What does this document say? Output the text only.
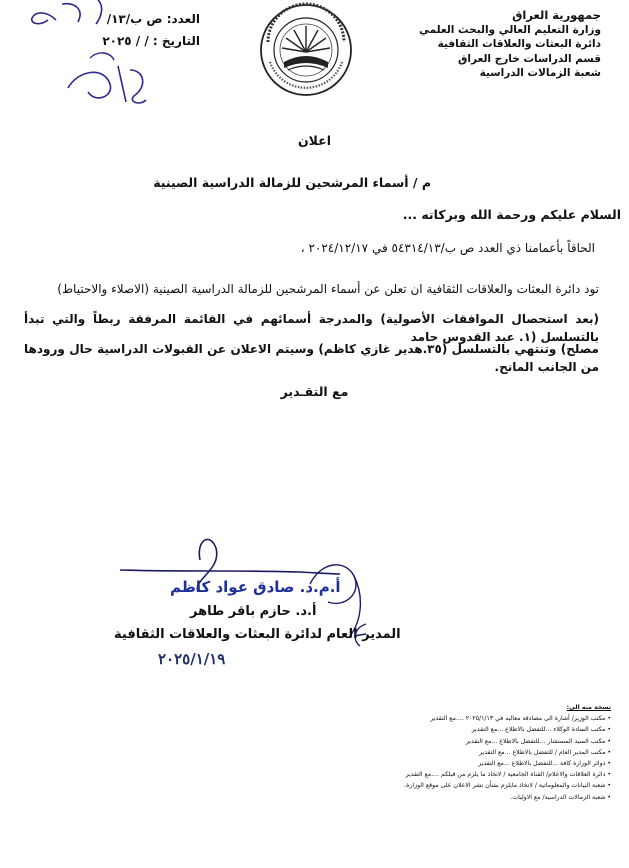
جمهورية العراق
وزارة التعليم العالي والبحث العلمي
دائرة البعثات والعلاقات الثقافية
قسم الدراسات خارج العراق
شعبة الزمالات الدراسية
العدد: ص ب/١٣/
التاريخ : / / ٢٠٢٥
اعلان
م / أسماء المرشحين للزمالة الدراسية الصينية
السلام عليكم ورحمة الله وبركاته ...
الحاقاً بأعمامنا ذي العدد ص ب/٥٤٣١٤/١٣ في ٢٠٢٤/١٢/١٧ ،
تود دائرة البعثات والعلاقات الثقافية ان تعلن عن أسماء المرشحين للزمالة الدراسية الصينية (الاصلاء والاحتياط)
(بعد استحصال الموافقات الأصولية) والمدرجة أسمائهم في القائمة المرفقة ربطاً والتي تبدأ بالتسلسل (١. عبد القدوس حامد
مصلح) وتنتهي بالتسلسل (٣٥.هدير غازي كاظم) وسيتم الاعلان عن القبولات الدراسية حال ورودها من الجانب المانح.
مع التقـدير
أ.م.د. صادق عواد كاظم
أ.د. حازم باقر طاهر
المدير العام لدائرة البعثات والعلاقات الثقافية
٢٠٢٥/١/١٩
نسخة منه الى:
• مكتب الوزير/ أشارة الى مصادقة معاليه في ٢٠٢٥/١/١٣ ....مع التقدير
• مكتب السادة الوكلاء ...للتفضل بالاطلاع ...مع التقدير
• مكتب السيد المستشار ...للتفضل بالاطلاع ...مع التقدير
• مكتب المدير العام / للتفضل بالاطلاع ...مع التقدير
• دوائر الوزارة كافة ...للتفضل بالاطلاع ...مع التقدير
• دائرة العلاقات والاعلام/ القناة الجامعية / لاتخاذ ما يلزم من قبلكم ....مع التقدير
• شعبة البيانات والمعلوماتية / لاتخاذ مايلزم بشأن نشر الاعلان على موقع الوزارة.
• شعبة الزمالات الدراسية/ مع الاوليات.
